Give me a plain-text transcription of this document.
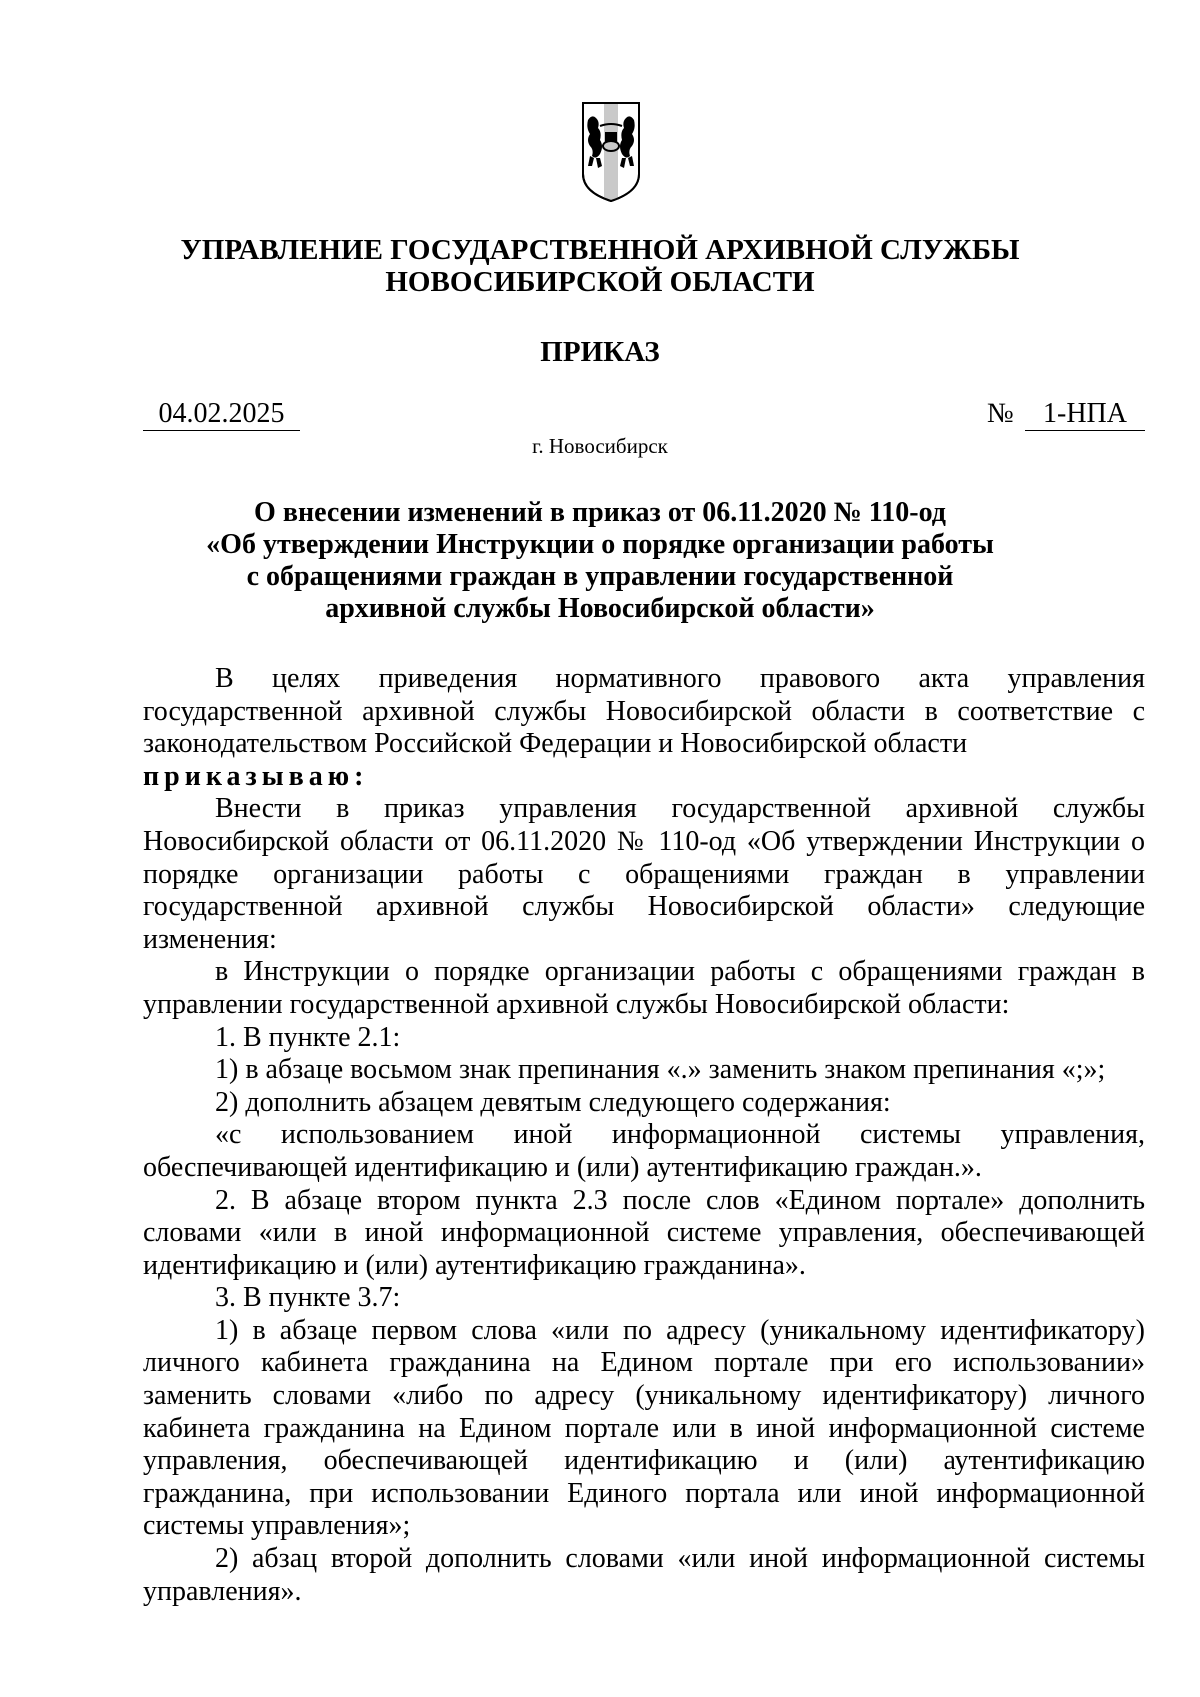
УПРАВЛЕНИЕ ГОСУДАРСТВЕННОЙ АРХИВНОЙ СЛУЖБЫ
НОВОСИБИРСКОЙ ОБЛАСТИ
ПРИКАЗ
04.02.2025	№ 1-НПА
г. Новосибирск
О внесении изменений в приказ от 06.11.2020 № 110-од
«Об утверждении Инструкции о порядке организации работы
с обращениями граждан в управлении государственной
архивной службы Новосибирской области»

В целях приведения нормативного правового акта управления государственной архивной службы Новосибирской области в соответствие с законодательством Российской Федерации и Новосибирской области

приказываю:

Внести в приказ управления государственной архивной службы Новосибирской области от 06.11.2020 № 110-од «Об утверждении Инструкции о порядке организации работы с обращениями граждан в управлении государственной архивной службы Новосибирской области» следующие изменения:

в Инструкции о порядке организации работы с обращениями граждан в управлении государственной архивной службы Новосибирской области:

1. В пункте 2.1:

1) в абзаце восьмом знак препинания «.» заменить знаком препинания «;»;

2) дополнить абзацем девятым следующего содержания:

«с использованием иной информационной системы управления, обеспечивающей идентификацию и (или) аутентификацию граждан.».

2. В абзаце втором пункта 2.3 после слов «Едином портале» дополнить словами «или в иной информационной системе управления, обеспечивающей идентификацию и (или) аутентификацию гражданина».

3. В пункте 3.7:

1) в абзаце первом слова «или по адресу (уникальному идентификатору) личного кабинета гражданина на Едином портале при его использовании» заменить словами «либо по адресу (уникальному идентификатору) личного кабинета гражданина на Едином портале или в иной информационной системе управления, обеспечивающей идентификацию и (или) аутентификацию гражданина, при использовании Единого портала или иной информационной системы управления»;

2) абзац второй дополнить словами «или иной информационной системы управления».
